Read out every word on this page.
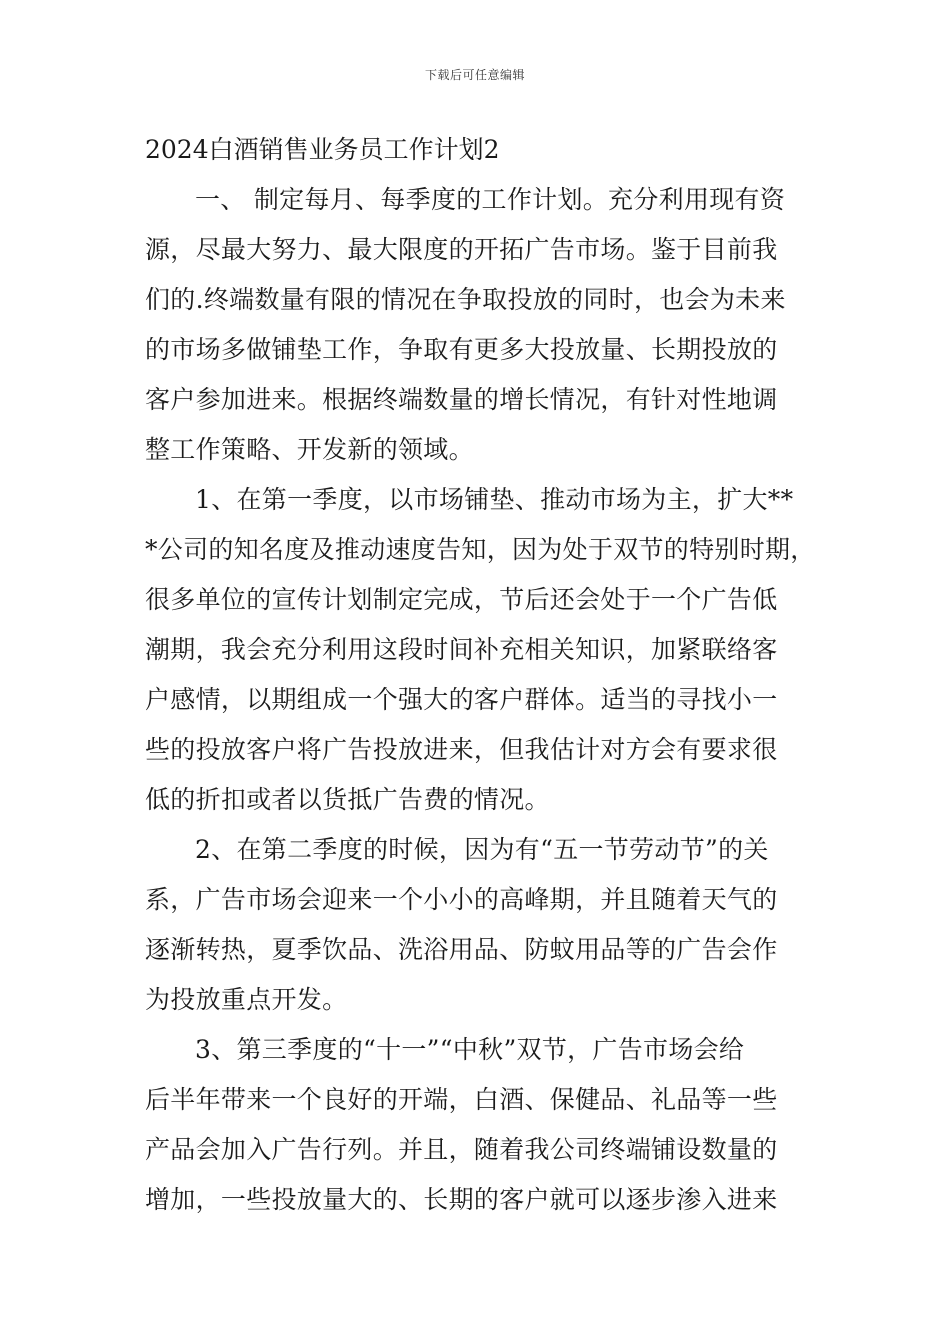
下载后可任意编辑
2024白酒销售业务员工作计划2
一、 制定每月、每季度的工作计划。充分利用现有资
源，尽最大努力、最大限度的开拓广告市场。鉴于目前我
们的.终端数量有限的情况在争取投放的同时，也会为未来
的市场多做铺垫工作，争取有更多大投放量、长期投放的
客户参加进来。根据终端数量的增长情况，有针对性地调
整工作策略、开发新的领域。
1、在第一季度，以市场铺垫、推动市场为主，扩大**
*公司的知名度及推动速度告知，因为处于双节的特别时期，
很多单位的宣传计划制定完成，节后还会处于一个广告低
潮期，我会充分利用这段时间补充相关知识，加紧联络客
户感情，以期组成一个强大的客户群体。适当的寻找小一
些的投放客户将广告投放进来，但我估计对方会有要求很
低的折扣或者以货抵广告费的情况。
2、在第二季度的时候，因为有“五一节劳动节”的关
系，广告市场会迎来一个小小的高峰期，并且随着天气的
逐渐转热，夏季饮品、洗浴用品、防蚊用品等的广告会作
为投放重点开发。
3、第三季度的“十一”“中秋”双节，广告市场会给
后半年带来一个良好的开端，白酒、保健品、礼品等一些
产品会加入广告行列。并且，随着我公司终端铺设数量的
增加，一些投放量大的、长期的客户就可以逐步渗入进来
